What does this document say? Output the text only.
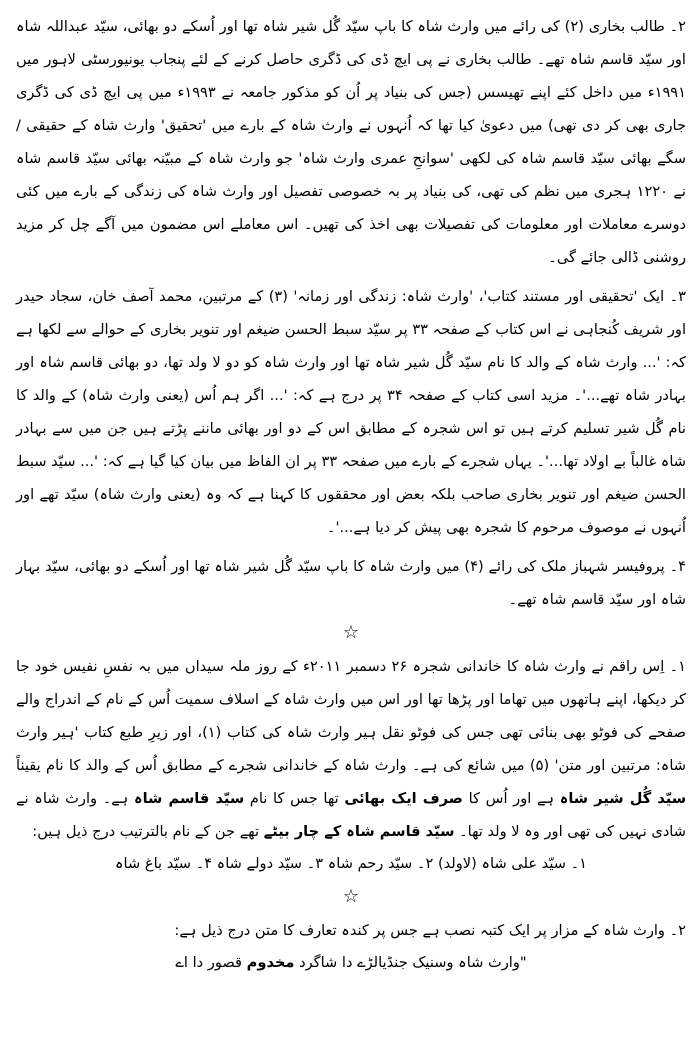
۲۔ طالب بخاری (۲) کی رائے میں وارث شاہ کا باپ سیّد گُل شیر شاہ تھا اور اُسکے دو بھائی، سیّد عبداللہ شاہ اور سیّد قاسم شاہ تھے۔ طالب بخاری نے پی ایچ ڈی کی ڈگری حاصل کرنے کے لئے پنجاب یونیورسٹی لاہور میں ۱۹۹۱ء میں داخل کئے اپنے تھیسس (جس کی بنیاد پر اُن کو مذکور جامعہ نے ۱۹۹۳ء میں پی ایچ ڈی کی ڈگری جاری بھی کر دی تھی) میں دعویٰ کیا تھا کہ اُنہوں نے وارث شاہ کے بارے میں 'تحقیق' وارث شاہ کے حقیقی / سگے بھائی سیّد قاسم شاہ کی لکھی 'سوانحِ عمری وارث شاہ' جو وارث شاہ کے مبیّنہ بھائی سیّد قاسم شاہ نے ۱۲۲۰ ہجری میں نظم کی تھی، کی بنیاد پر بہ خصوصی تفصیل اور وارث شاہ کی زندگی کے بارے میں کئی دوسرے معاملات اور معلومات کی تفصیلات بھی اخذ کی تھیں۔ اس معاملے اس مضمون میں آگے چل کر مزید روشنی ڈالی جائے گی۔

۳۔ ایک 'تحقیقی اور مستند کتاب'، 'وارث شاہ: زندگی اور زمانہ' (۳) کے مرتبین، محمد آصف خان، سجاد حیدر اور شریف کُنجاہی نے اس کتاب کے صفحہ ۳۳ پر سیّد سبط الحسن ضیغم اور تنویر بخاری کے حوالے سے لکھا ہے کہ: '... وارث شاہ کے والد کا نام سیّد گُل شیر شاہ تھا اور وارث شاہ کو دو لا ولد تھا، دو بھائی قاسم شاہ اور بہادر شاہ تھے...'۔ مزید اسی کتاب کے صفحہ ۳۴ پر درج ہے کہ: '... اگر ہم اُس (یعنی وارث شاہ) کے والد کا نام گُل شیر تسلیم کرتے ہیں تو اس شجرہ کے مطابق اس کے دو اور بھائی ماننے پڑتے ہیں جن میں سے بہادر شاہ غالباً بے اولاد تھا...'۔ یہاں شجرے کے بارے میں صفحہ ۳۳ پر ان الفاظ میں بیان کیا گیا ہے کہ: '... سیّد سبط الحسن ضیغم اور تنویر بخاری صاحب بلکہ بعض اور محققوں کا کہنا ہے کہ وہ (یعنی وارث شاہ) سیّد تھے اور اُنہوں نے موصوف مرحوم کا شجرہ بھی پیش کر دیا ہے...'۔

۴۔ پروفیسر شہباز ملک کی رائے (۴) میں وارث شاہ کا باپ سیّد گُل شیر شاہ تھا اور اُسکے دو بھائی، سیّد بہار شاہ اور سیّد قاسم شاہ تھے۔

☆

۱۔ اِس راقم نے وارث شاہ کا خاندانی شجرہ ۲۶ دسمبر ۲۰۱۱ء کے روز ملہ سیداں میں بہ نفسِ نفیس خود جا کر دیکھا، اپنے ہاتھوں میں تھاما اور پڑھا تھا اور اس میں وارث شاہ کے اسلاف سمیت اُس کے نام کے اندراج والے صفحے کی فوٹو بھی بنائی تھی جس کی فوٹو نقل ہیر وارث شاہ کی کتاب (۱)، اور زیرِ طبع کتاب 'ہیر وارث شاہ: مرتبین اور متن' (۵) میں شائع کی ہے۔ وارث شاہ کے خاندانی شجرے کے مطابق اُس کے والد کا نام یقیناً سیّد گُل شیر شاہ ہے اور اُس کا صرف ایک بھائی تھا جس کا نام سیّد قاسم شاہ ہے۔ وارث شاہ نے شادی نہیں کی تھی اور وہ لا ولد تھا۔ سیّد قاسم شاہ کے چار بیٹے تھے جن کے نام بالترتیب درج ذیل ہیں:

۱۔ سیّد علی شاہ (لاولد) ۲۔ سیّد رحم شاہ ۳۔ سیّد دولے شاہ ۴۔ سیّد باغ شاہ

☆

۲۔ وارث شاہ کے مزار پر ایک کتبہ نصب ہے جس پر کندہ تعارف کا متن درج ذیل ہے:

"وارث شاہ وسنیک جنڈیالڑے دا شاگرد مخدوم قصور دا اے
